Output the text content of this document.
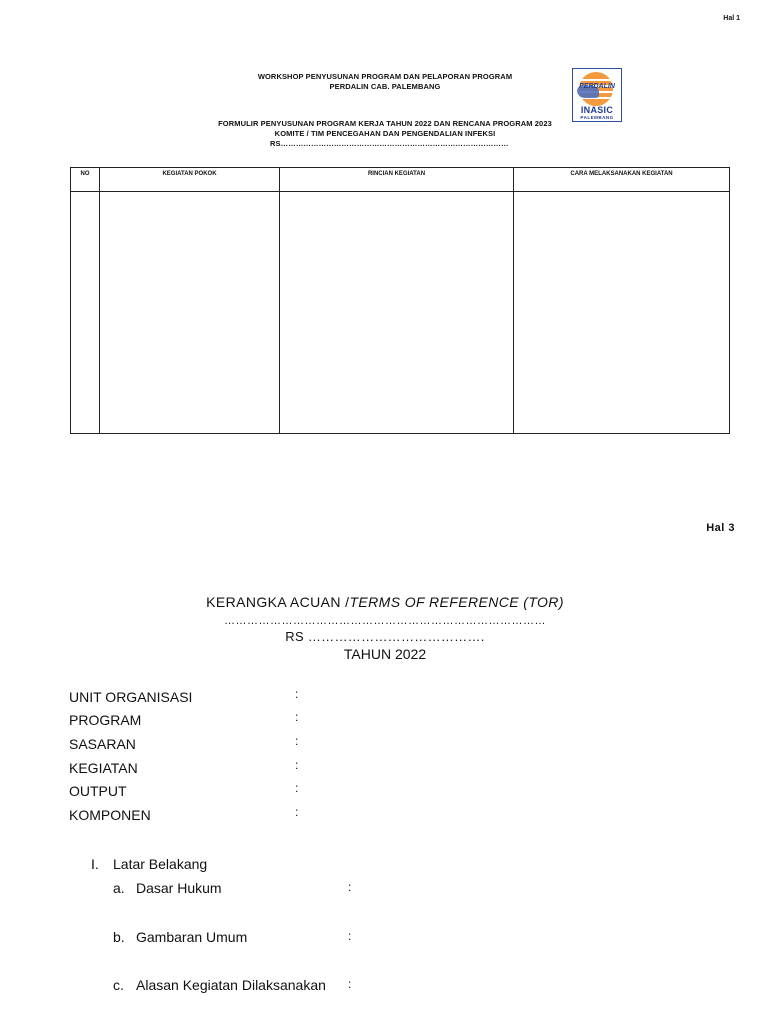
Hal 1
WORKSHOP PENYUSUNAN PROGRAM DAN PELAPORAN PROGRAM
PERDALIN CAB. PALEMBANG
FORMULIR PENYUSUNAN PROGRAM KERJA TAHUN 2022 DAN RENCANA PROGRAM 2023
KOMITE / TIM PENCEGAHAN DAN PENGENDALIAN INFEKSI
RS………………………………………………………………………………
PERDALIN
INASIC
PALEMBANG
NO	KEGIATAN POKOK	RINCIAN KEGIATAN	CARA MELAKSANAKAN KEGIATAN

Hal 3
KERANGKA ACUAN /TERMS OF REFERENCE (TOR)
…………………………………………………………………………
RS ………………………………….
TAHUN 2022
UNIT ORGANISASI	:
PROGRAM	:
SASARAN	:
KEGIATAN	:
OUTPUT	:
KOMPONEN	:
I. Latar Belakang
a. Dasar Hukum	:
b. Gambaran Umum	:
c. Alasan Kegiatan Dilaksanakan :
